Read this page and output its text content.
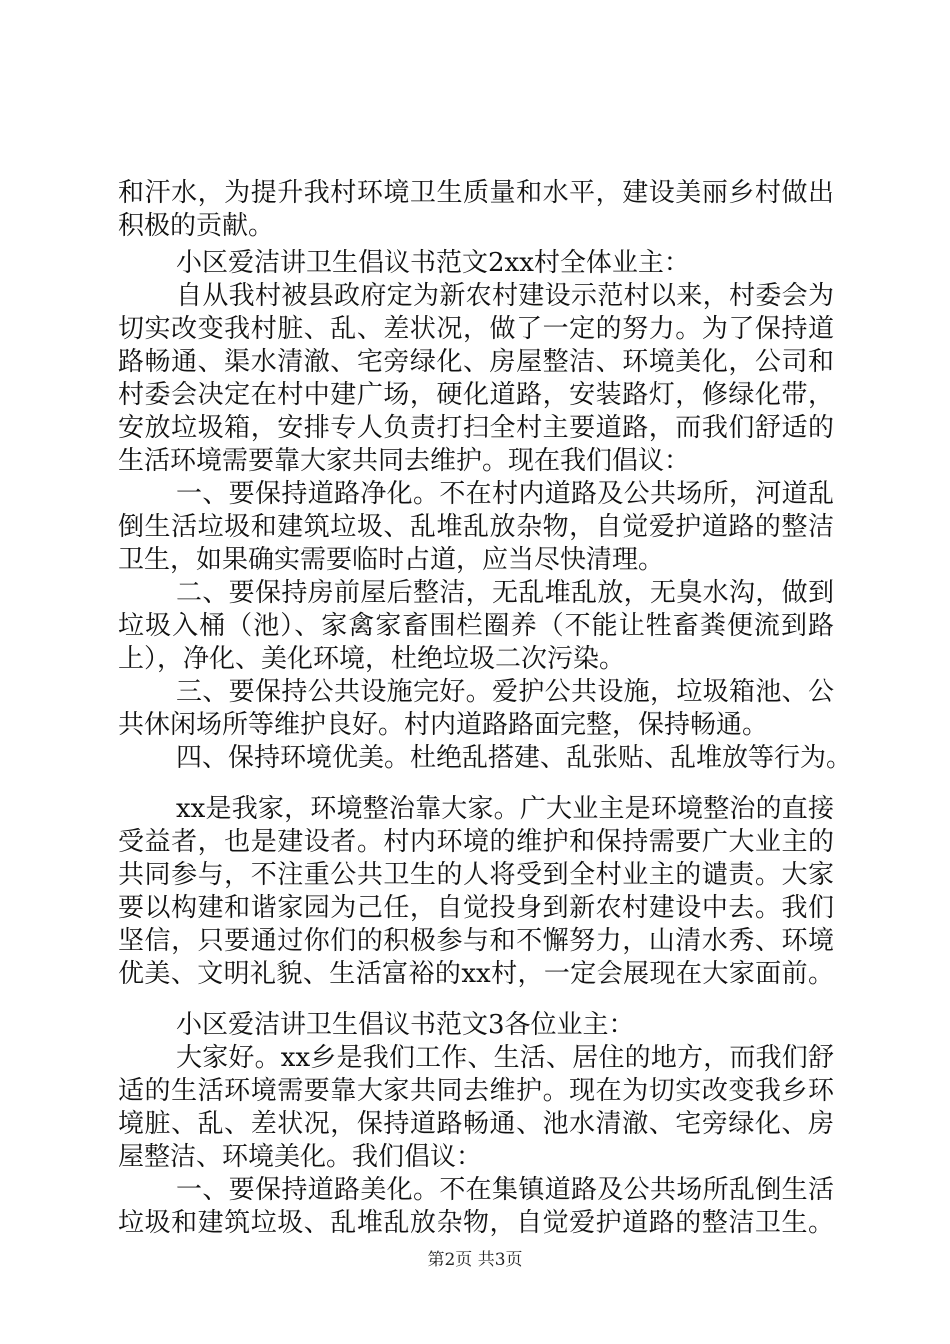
和汗水，为提升我村环境卫生质量和水平，建设美丽乡村做出
积极的贡献。
小区爱洁讲卫生倡议书范文2xx村全体业主：
自从我村被县政府定为新农村建设示范村以来，村委会为
切实改变我村脏、乱、差状况，做了一定的努力。为了保持道
路畅通、渠水清澈、宅旁绿化、房屋整洁、环境美化，公司和
村委会决定在村中建广场，硬化道路，安装路灯，修绿化带，
安放垃圾箱，安排专人负责打扫全村主要道路，而我们舒适的
生活环境需要靠大家共同去维护。现在我们倡议：
一、要保持道路净化。不在村内道路及公共场所，河道乱
倒生活垃圾和建筑垃圾、乱堆乱放杂物，自觉爱护道路的整洁
卫生，如果确实需要临时占道，应当尽快清理。
二、要保持房前屋后整洁，无乱堆乱放，无臭水沟，做到
垃圾入桶（池）、家禽家畜围栏圈养（不能让牲畜粪便流到路
上），净化、美化环境，杜绝垃圾二次污染。
三、要保持公共设施完好。爱护公共设施，垃圾箱池、公
共休闲场所等维护良好。村内道路路面完整，保持畅通。
四、保持环境优美。杜绝乱搭建、乱张贴、乱堆放等行为。
xx是我家，环境整治靠大家。广大业主是环境整治的直接
受益者，也是建设者。村内环境的维护和保持需要广大业主的
共同参与，不注重公共卫生的人将受到全村业主的谴责。大家
要以构建和谐家园为己任，自觉投身到新农村建设中去。我们
坚信，只要通过你们的积极参与和不懈努力，山清水秀、环境
优美、文明礼貌、生活富裕的xx村，一定会展现在大家面前。
小区爱洁讲卫生倡议书范文3各位业主：
大家好。xx乡是我们工作、生活、居住的地方，而我们舒
适的生活环境需要靠大家共同去维护。现在为切实改变我乡环
境脏、乱、差状况，保持道路畅通、池水清澈、宅旁绿化、房
屋整洁、环境美化。我们倡议：
一、要保持道路美化。不在集镇道路及公共场所乱倒生活
垃圾和建筑垃圾、乱堆乱放杂物，自觉爱护道路的整洁卫生。
第2页 共3页
